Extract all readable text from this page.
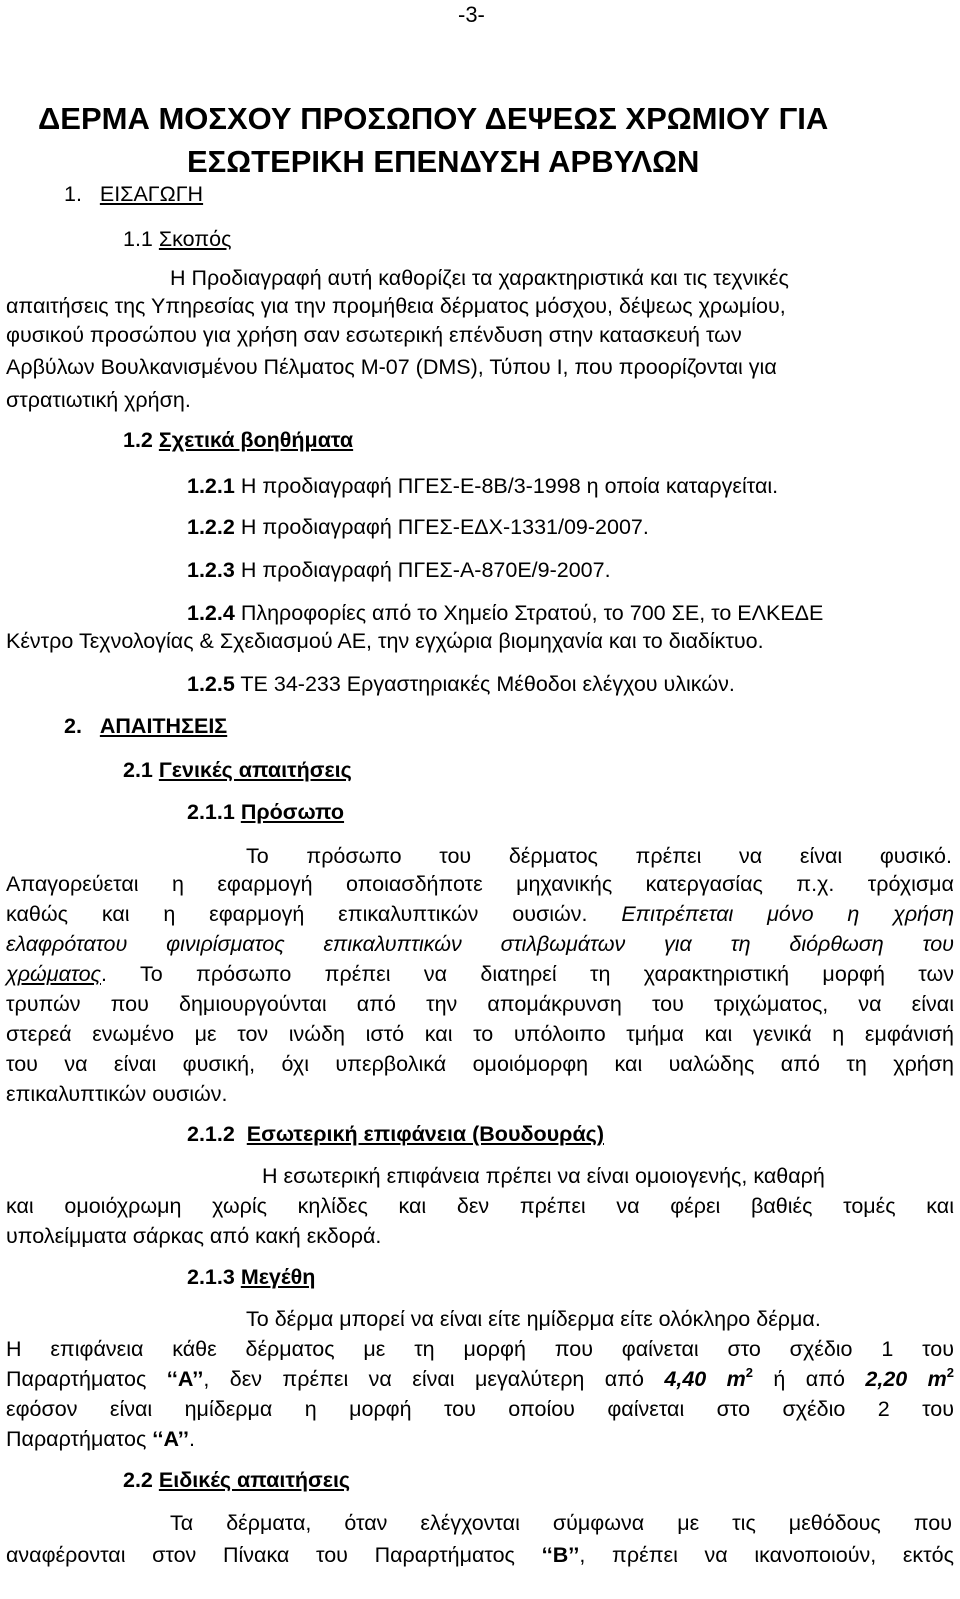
-3-
ΔΕΡΜΑ ΜΟΣΧΟΥ ΠΡΟΣΩΠΟΥ ΔΕΨΕΩΣ ΧΡΩΜΙΟΥ ΓΙΑ
ΕΣΩΤΕΡΙΚΗ ΕΠΕΝΔΥΣΗ ΑΡΒΥΛΩΝ
1. ΕΙΣΑΓΩΓΗ
1.1 Σκοπός
Η Προδιαγραφή αυτή καθορίζει τα χαρακτηριστικά και τις τεχνικές
απαιτήσεις της Υπηρεσίας για την προμήθεια δέρματος μόσχου, δέψεως χρωμίου,
φυσικού προσώπου για χρήση σαν εσωτερική επένδυση στην κατασκευή των
Αρβύλων Βουλκανισμένου Πέλματος Μ-07 (DMS), Τύπου Ι, που προορίζονται για
στρατιωτική χρήση.
1.2 Σχετικά βοηθήματα
1.2.1 Η προδιαγραφή ΠΓΕΣ-Ε-8Β/3-1998 η οποία καταργείται.
1.2.2 Η προδιαγραφή ΠΓΕΣ-ΕΔΧ-1331/09-2007.
1.2.3 Η προδιαγραφή ΠΓΕΣ-Α-870Ε/9-2007.
1.2.4 Πληροφορίες από το Χημείο Στρατού, το 700 ΣΕ, το ΕΛΚΕΔΕ
Κέντρο Τεχνολογίας & Σχεδιασμού ΑΕ, την εγχώρια βιομηχανία και το διαδίκτυο.
1.2.5 ΤΕ 34-233 Εργαστηριακές Μέθοδοι ελέγχου υλικών.
2. ΑΠΑΙΤΗΣΕΙΣ
2.1 Γενικές απαιτήσεις
2.1.1 Πρόσωπο
Το πρόσωπο του δέρματος πρέπει να είναι φυσικό.
Απαγορεύεται η εφαρμογή οποιασδήποτε μηχανικής κατεργασίας π.χ. τρόχισμα
καθώς και η εφαρμογή επικαλυπτικών ουσιών. Επιτρέπεται μόνο η χρήση
ελαφρότατου φινιρίσματος επικαλυπτικών στιλβωμάτων για τη διόρθωση του
χρώματος. Το πρόσωπο πρέπει να διατηρεί τη χαρακτηριστική μορφή των
τρυπών που δημιουργούνται από την απομάκρυνση του τριχώματος, να είναι
στερεά ενωμένο με τον ινώδη ιστό και το υπόλοιπο τμήμα και γενικά η εμφάνισή
του να είναι φυσική, όχι υπερβολικά ομοιόμορφη και υαλώδης από τη χρήση
επικαλυπτικών ουσιών.
2.1.2 Εσωτερική επιφάνεια (Βουδουράς)
Η εσωτερική επιφάνεια πρέπει να είναι ομοιογενής, καθαρή
και ομοιόχρωμη χωρίς κηλίδες και δεν πρέπει να φέρει βαθιές τομές και
υπολείμματα σάρκας από κακή εκδορά.
2.1.3 Μεγέθη
Το δέρμα μπορεί να είναι είτε ημίδερμα είτε ολόκληρο δέρμα.
Η επιφάνεια κάθε δέρματος με τη μορφή που φαίνεται στο σχέδιο 1 του
Παραρτήματος ‘‘Α’’, δεν πρέπει να είναι μεγαλύτερη από 4,40 $m^2$ ή από 2,20 $m^2$
εφόσον είναι ημίδερμα η μορφή του οποίου φαίνεται στο σχέδιο 2 του
Παραρτήματος ‘‘Α’’.
2.2 Ειδικές απαιτήσεις
Τα δέρματα, όταν ελέγχονται σύμφωνα με τις μεθόδους που
αναφέρονται στον Πίνακα του Παραρτήματος ‘‘Β’’, πρέπει να ικανοποιούν, εκτός
